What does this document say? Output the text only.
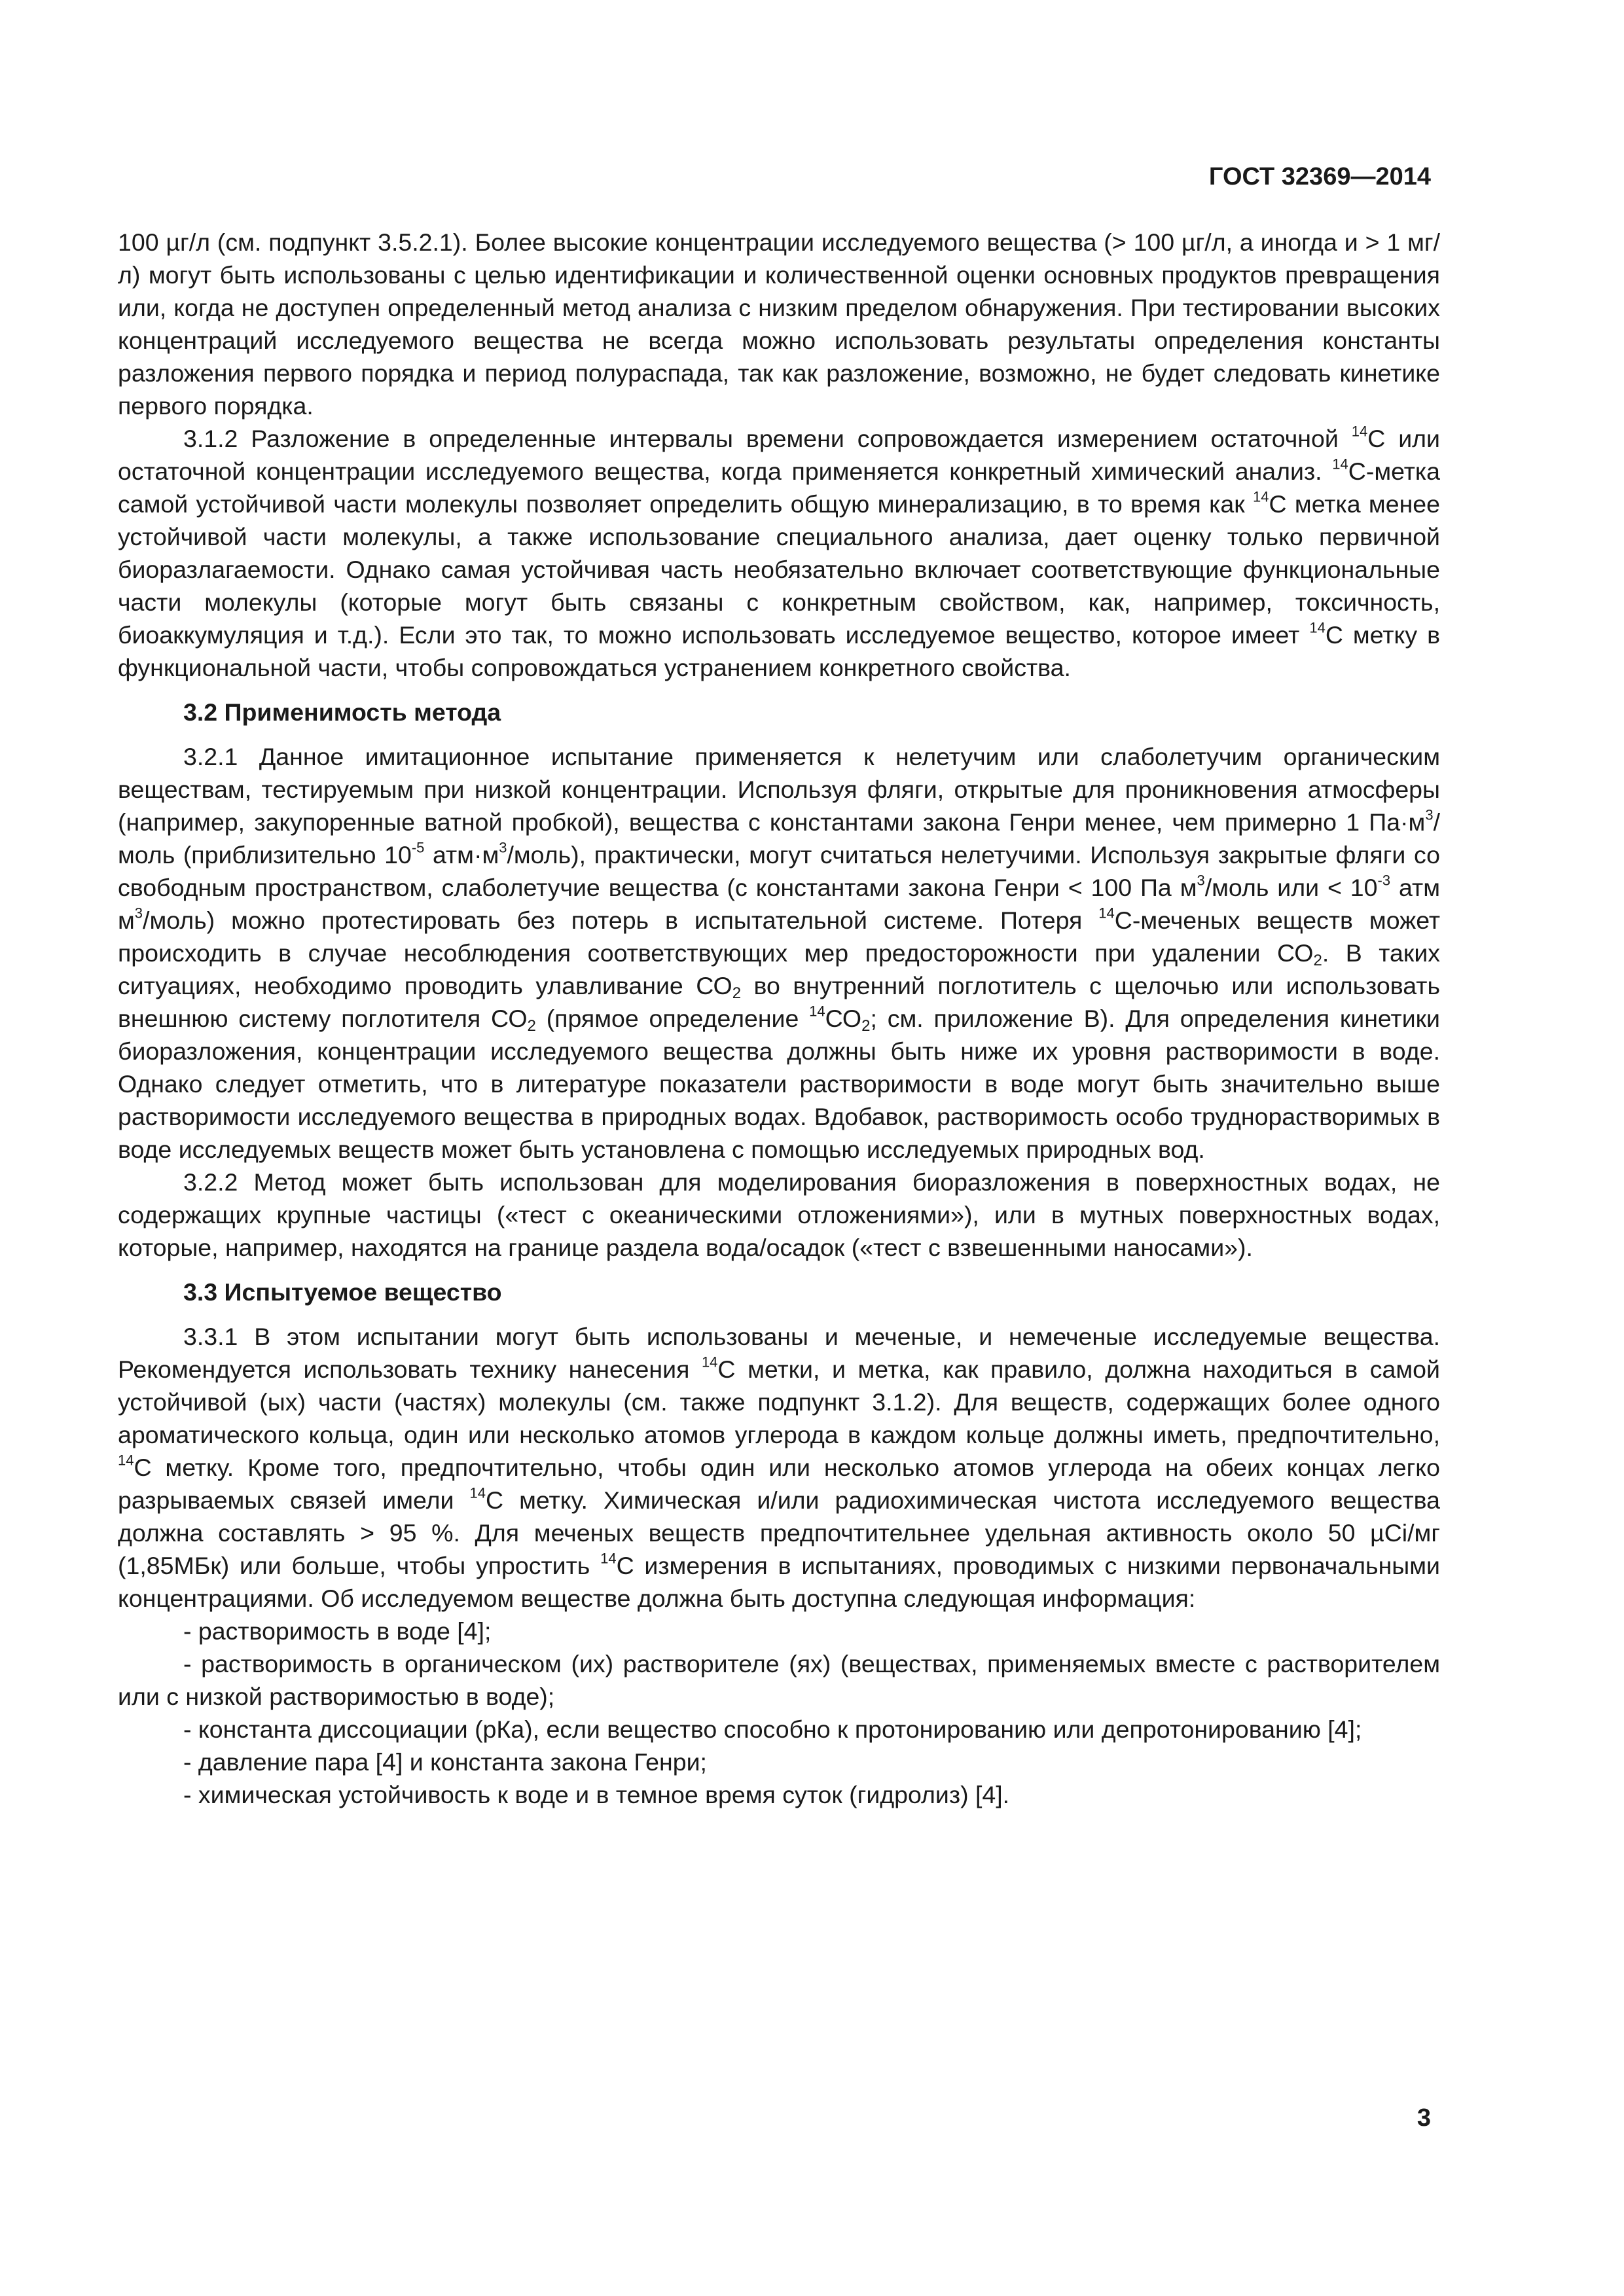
ГОСТ 32369—2014

100 µг/л (см. подпункт 3.5.2.1). Более высокие концентрации исследуемого вещества (> 100 µг/л, а иногда и > 1 мг/л) могут быть использованы с целью идентификации и количественной оценки основных продуктов превращения или, когда не доступен определенный метод анализа с низким пределом обнаружения. При тестировании высоких концентраций исследуемого вещества не всегда можно использовать результаты определения константы разложения первого порядка и период полураспада, так как разложение, возможно, не будет следовать кинетике первого порядка.

3.1.2 Разложение в определенные интервалы времени сопровождается измерением остаточной $^{14}$С или остаточной концентрации исследуемого вещества, когда применяется конкретный химический анализ. $^{14}$С-метка самой устойчивой части молекулы позволяет определить общую минерализацию, в то время как $^{14}$С метка менее устойчивой части молекулы, а также использование специального анализа, дает оценку только первичной биоразлагаемости. Однако самая устойчивая часть необязательно включает соответствующие функциональные части молекулы (которые могут быть связаны с конкретным свойством, как, например, токсичность, биоаккумуляция и т.д.). Если это так, то можно использовать исследуемое вещество, которое имеет $^{14}$С метку в функциональной части, чтобы сопровождаться устранением конкретного свойства.

3.2 Применимость метода

3.2.1 Данное имитационное испытание применяется к нелетучим или слаболетучим органическим веществам, тестируемым при низкой концентрации. Используя фляги, открытые для проникновения атмосферы (например, закупоренные ватной пробкой), вещества с константами закона Генри менее, чем примерно 1 $Па\cdot м^3$/моль (приблизительно $10^{-5}$ $атм\cdot м^3/моль$), практически, могут считаться нелетучими. Используя закрытые фляги со свободным пространством, слаболетучие вещества (с константами закона Генри < 100 Па $м^3$/моль или < $10^{-3}$ атм $м^3/моль$) можно протестировать без потерь в испытательной системе. Потеря $^{14}$С-меченых веществ может происходить в случае несоблюдения соответствующих мер предосторожности при удалении $СО_2$. В таких ситуациях, необходимо проводить улавливание $СО_2$ во внутренний поглотитель с щелочью или использовать внешнюю систему поглотителя $СО_2$ (прямое определение $^{14}СО_2$; см. приложение В). Для определения кинетики биоразложения, концентрации исследуемого вещества должны быть ниже их уровня растворимости в воде. Однако следует отметить, что в литературе показатели растворимости в воде могут быть значительно выше растворимости исследуемого вещества в природных водах. Вдобавок, растворимость особо труднорастворимых в воде исследуемых веществ может быть установлена с помощью исследуемых природных вод.

3.2.2 Метод может быть использован для моделирования биоразложения в поверхностных водах, не содержащих крупные частицы («тест с океаническими отложениями»), или в мутных поверхностных водах, которые, например, находятся на границе раздела вода/осадок («тест с взвешенными наносами»).

3.3 Испытуемое вещество

3.3.1 В этом испытании могут быть использованы и меченые, и немеченые исследуемые вещества. Рекомендуется использовать технику нанесения $^{14}$С метки, и метка, как правило, должна находиться в самой устойчивой (ых) части (частях) молекулы (см. также подпункт 3.1.2). Для веществ, содержащих более одного ароматического кольца, один или несколько атомов углерода в каждом кольце должны иметь, предпочтительно, $^{14}$С метку. Кроме того, предпочтительно, чтобы один или несколько атомов углерода на обеих концах легко разрываемых связей имели $^{14}$С метку. Химическая и/или радиохимическая чистота исследуемого вещества должна составлять > 95 %. Для меченых веществ предпочтительнее удельная активность около 50 µCi/мг (1,85МБк) или больше, чтобы упростить $^{14}$С измерения в испытаниях, проводимых с низкими первоначальными концентрациями. Об исследуемом веществе должна быть доступна следующая информация:

- растворимость в воде [4];

- растворимость в органическом (их) растворителе (ях) (веществах, применяемых вместе с растворителем или с низкой растворимостью в воде);

- константа диссоциации (рКа), если вещество способно к протонированию или депротонированию [4];

- давление пара [4] и константа закона Генри;

- химическая устойчивость к воде и в темное время суток (гидролиз) [4].

3
